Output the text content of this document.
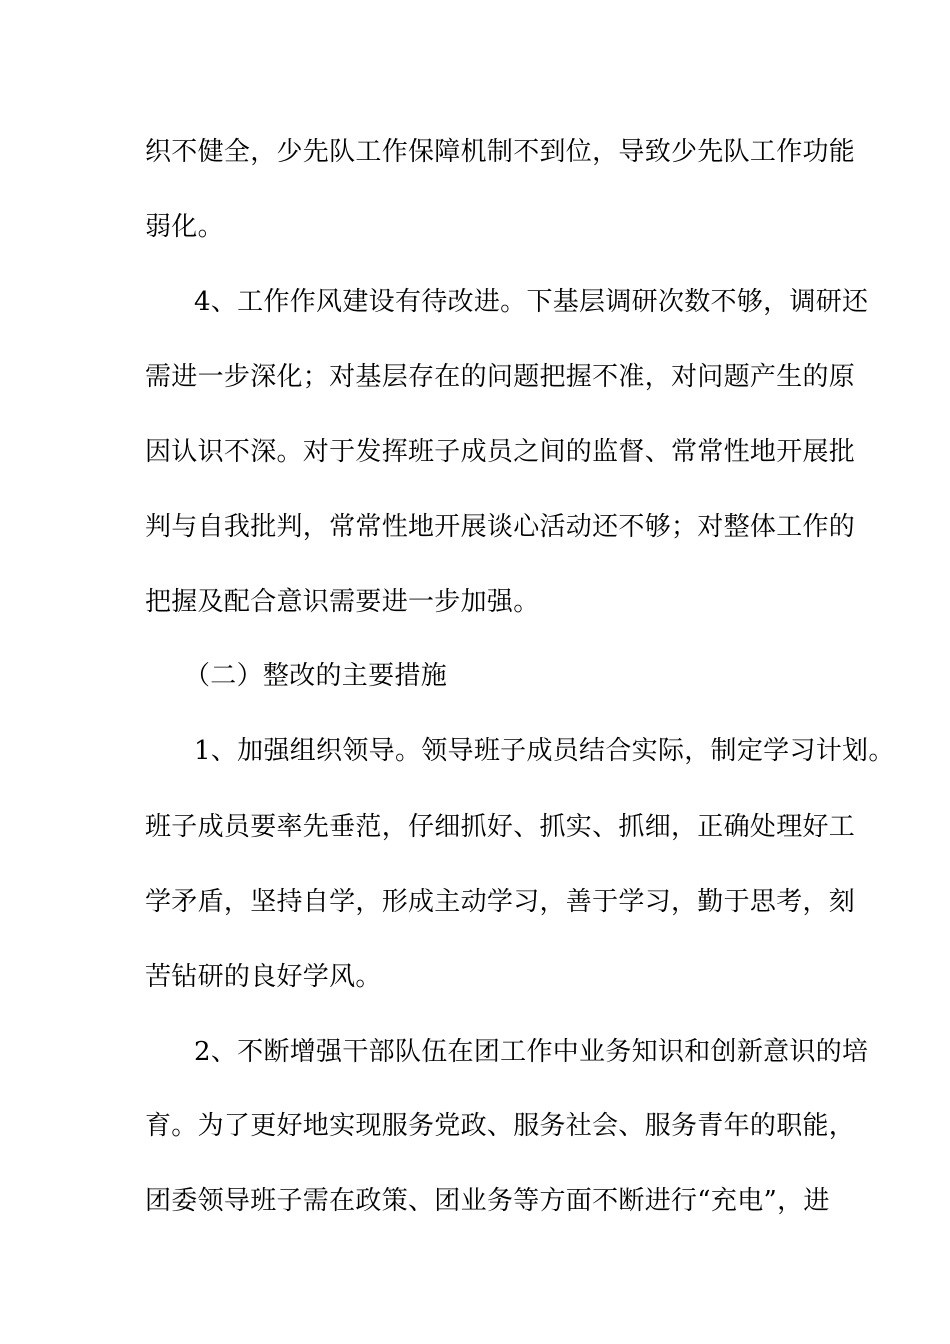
织不健全，少先队工作保障机制不到位，导致少先队工作功能
弱化。
4、工作作风建设有待改进。下基层调研次数不够，调研还
需进一步深化；对基层存在的问题把握不准，对问题产生的原
因认识不深。对于发挥班子成员之间的监督、常常性地开展批
判与自我批判，常常性地开展谈心活动还不够；对整体工作的
把握及配合意识需要进一步加强。
（二）整改的主要措施
1、加强组织领导。领导班子成员结合实际，制定学习计划。
班子成员要率先垂范，仔细抓好、抓实、抓细，正确处理好工
学矛盾，坚持自学，形成主动学习，善于学习，勤于思考，刻
苦钻研的良好学风。
2、不断增强干部队伍在团工作中业务知识和创新意识的培
育。为了更好地实现服务党政、服务社会、服务青年的职能，
团委领导班子需在政策、团业务等方面不断进行“充电”，进
